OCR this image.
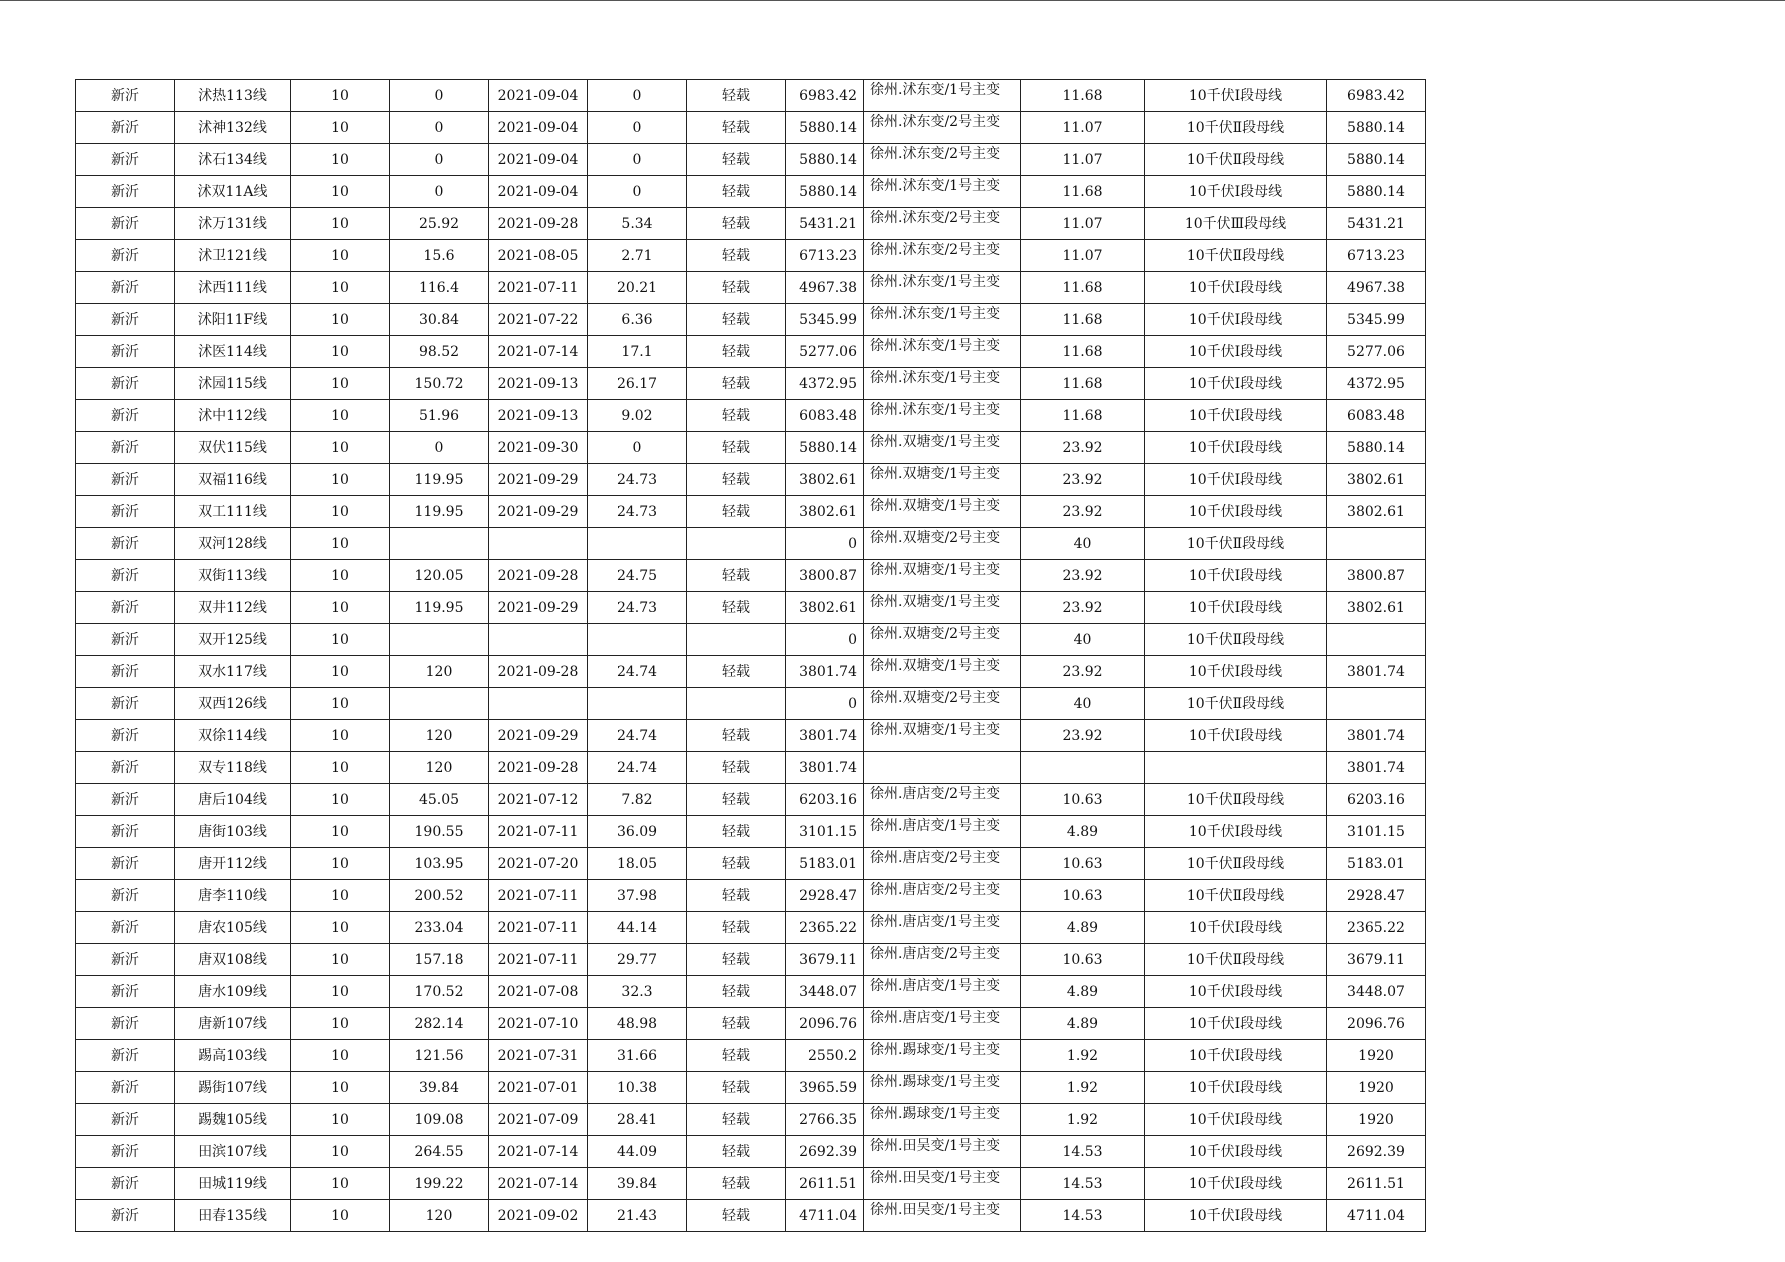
新沂	沭热113线	10	0	2021-09-04	0	轻载	6983.42	徐州.沭东变/1号主变	11.68	10千伏Ⅰ段母线	6983.42
新沂	沭神132线	10	0	2021-09-04	0	轻载	5880.14	徐州.沭东变/2号主变	11.07	10千伏Ⅱ段母线	5880.14
新沂	沭石134线	10	0	2021-09-04	0	轻载	5880.14	徐州.沭东变/2号主变	11.07	10千伏Ⅱ段母线	5880.14
新沂	沭双11A线	10	0	2021-09-04	0	轻载	5880.14	徐州.沭东变/1号主变	11.68	10千伏Ⅰ段母线	5880.14
新沂	沭万131线	10	25.92	2021-09-28	5.34	轻载	5431.21	徐州.沭东变/2号主变	11.07	10千伏Ⅲ段母线	5431.21
新沂	沭卫121线	10	15.6	2021-08-05	2.71	轻载	6713.23	徐州.沭东变/2号主变	11.07	10千伏Ⅱ段母线	6713.23
新沂	沭西111线	10	116.4	2021-07-11	20.21	轻载	4967.38	徐州.沭东变/1号主变	11.68	10千伏Ⅰ段母线	4967.38
新沂	沭阳11F线	10	30.84	2021-07-22	6.36	轻载	5345.99	徐州.沭东变/1号主变	11.68	10千伏Ⅰ段母线	5345.99
新沂	沭医114线	10	98.52	2021-07-14	17.1	轻载	5277.06	徐州.沭东变/1号主变	11.68	10千伏Ⅰ段母线	5277.06
新沂	沭园115线	10	150.72	2021-09-13	26.17	轻载	4372.95	徐州.沭东变/1号主变	11.68	10千伏Ⅰ段母线	4372.95
新沂	沭中112线	10	51.96	2021-09-13	9.02	轻载	6083.48	徐州.沭东变/1号主变	11.68	10千伏Ⅰ段母线	6083.48
新沂	双伏115线	10	0	2021-09-30	0	轻载	5880.14	徐州.双塘变/1号主变	23.92	10千伏Ⅰ段母线	5880.14
新沂	双福116线	10	119.95	2021-09-29	24.73	轻载	3802.61	徐州.双塘变/1号主变	23.92	10千伏Ⅰ段母线	3802.61
新沂	双工111线	10	119.95	2021-09-29	24.73	轻载	3802.61	徐州.双塘变/1号主变	23.92	10千伏Ⅰ段母线	3802.61
新沂	双河128线	10					0	徐州.双塘变/2号主变	40	10千伏Ⅱ段母线	
新沂	双街113线	10	120.05	2021-09-28	24.75	轻载	3800.87	徐州.双塘变/1号主变	23.92	10千伏Ⅰ段母线	3800.87
新沂	双井112线	10	119.95	2021-09-29	24.73	轻载	3802.61	徐州.双塘变/1号主变	23.92	10千伏Ⅰ段母线	3802.61
新沂	双开125线	10					0	徐州.双塘变/2号主变	40	10千伏Ⅱ段母线	
新沂	双水117线	10	120	2021-09-28	24.74	轻载	3801.74	徐州.双塘变/1号主变	23.92	10千伏Ⅰ段母线	3801.74
新沂	双西126线	10					0	徐州.双塘变/2号主变	40	10千伏Ⅱ段母线	
新沂	双徐114线	10	120	2021-09-29	24.74	轻载	3801.74	徐州.双塘变/1号主变	23.92	10千伏Ⅰ段母线	3801.74
新沂	双专118线	10	120	2021-09-28	24.74	轻载	3801.74				3801.74
新沂	唐后104线	10	45.05	2021-07-12	7.82	轻载	6203.16	徐州.唐店变/2号主变	10.63	10千伏Ⅱ段母线	6203.16
新沂	唐街103线	10	190.55	2021-07-11	36.09	轻载	3101.15	徐州.唐店变/1号主变	4.89	10千伏Ⅰ段母线	3101.15
新沂	唐开112线	10	103.95	2021-07-20	18.05	轻载	5183.01	徐州.唐店变/2号主变	10.63	10千伏Ⅱ段母线	5183.01
新沂	唐李110线	10	200.52	2021-07-11	37.98	轻载	2928.47	徐州.唐店变/2号主变	10.63	10千伏Ⅱ段母线	2928.47
新沂	唐农105线	10	233.04	2021-07-11	44.14	轻载	2365.22	徐州.唐店变/1号主变	4.89	10千伏Ⅰ段母线	2365.22
新沂	唐双108线	10	157.18	2021-07-11	29.77	轻载	3679.11	徐州.唐店变/2号主变	10.63	10千伏Ⅱ段母线	3679.11
新沂	唐水109线	10	170.52	2021-07-08	32.3	轻载	3448.07	徐州.唐店变/1号主变	4.89	10千伏Ⅰ段母线	3448.07
新沂	唐新107线	10	282.14	2021-07-10	48.98	轻载	2096.76	徐州.唐店变/1号主变	4.89	10千伏Ⅰ段母线	2096.76
新沂	踢高103线	10	121.56	2021-07-31	31.66	轻载	2550.2	徐州.踢球变/1号主变	1.92	10千伏Ⅰ段母线	1920
新沂	踢街107线	10	39.84	2021-07-01	10.38	轻载	3965.59	徐州.踢球变/1号主变	1.92	10千伏Ⅰ段母线	1920
新沂	踢魏105线	10	109.08	2021-07-09	28.41	轻载	2766.35	徐州.踢球变/1号主变	1.92	10千伏Ⅰ段母线	1920
新沂	田滨107线	10	264.55	2021-07-14	44.09	轻载	2692.39	徐州.田吴变/1号主变	14.53	10千伏Ⅰ段母线	2692.39
新沂	田城119线	10	199.22	2021-07-14	39.84	轻载	2611.51	徐州.田吴变/1号主变	14.53	10千伏Ⅰ段母线	2611.51
新沂	田春135线	10	120	2021-09-02	21.43	轻载	4711.04	徐州.田吴变/1号主变	14.53	10千伏Ⅰ段母线	4711.04
